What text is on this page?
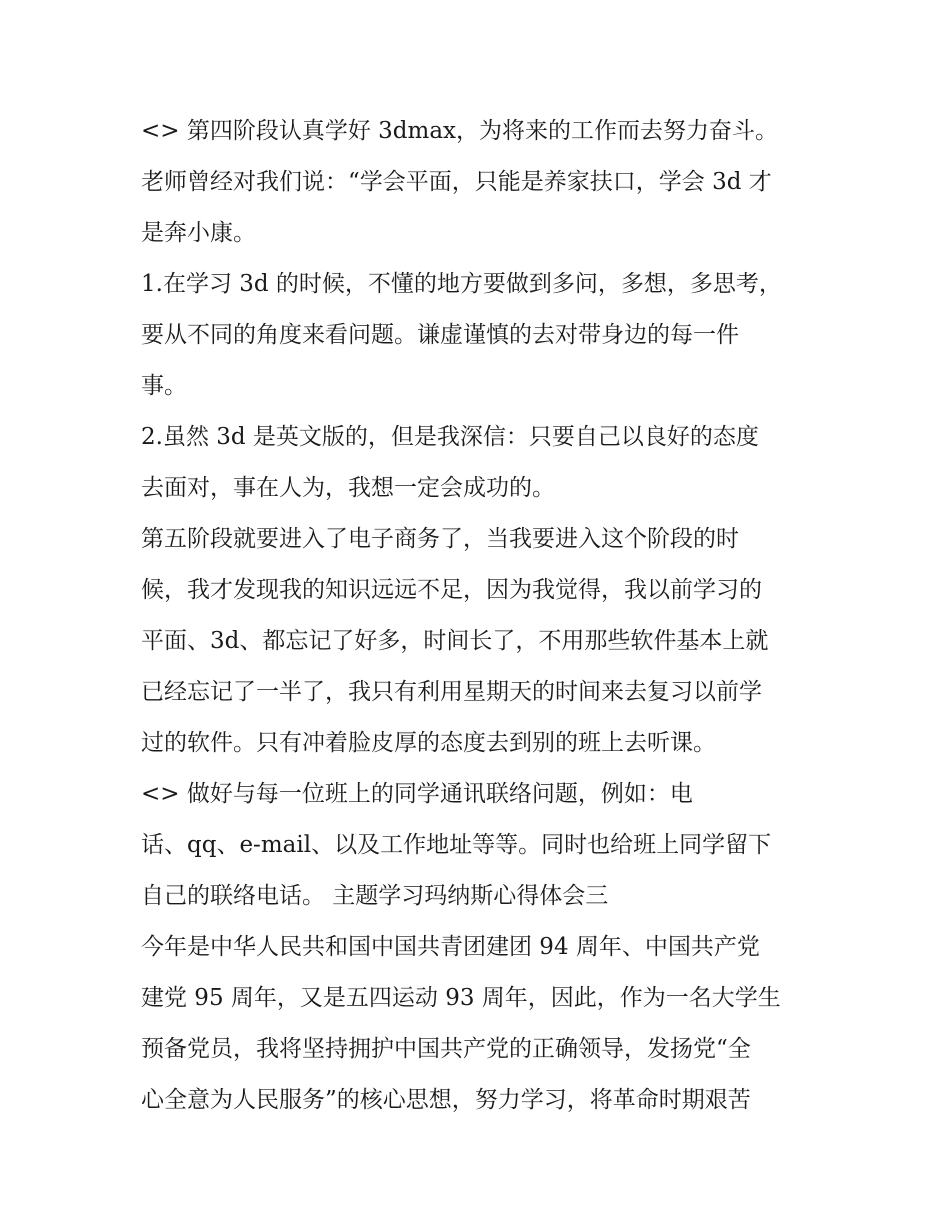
<> 第四阶段认真学好 3dmax，为将来的工作而去努力奋斗。
老师曾经对我们说：“学会平面，只能是养家扶口，学会 3d 才
是奔小康。
1.在学习 3d 的时候，不懂的地方要做到多问，多想，多思考，
要从不同的角度来看问题。谦虚谨慎的去对带身边的每一件
事。
2.虽然 3d 是英文版的，但是我深信：只要自己以良好的态度
去面对，事在人为，我想一定会成功的。
第五阶段就要进入了电子商务了，当我要进入这个阶段的时
候，我才发现我的知识远远不足，因为我觉得，我以前学习的
平面、3d、都忘记了好多，时间长了，不用那些软件基本上就
已经忘记了一半了，我只有利用星期天的时间来去复习以前学
过的软件。只有冲着脸皮厚的态度去到别的班上去听课。
<> 做好与每一位班上的同学通讯联络问题，例如：电
话、qq、e-mail、以及工作地址等等。同时也给班上同学留下
自己的联络电话。 主题学习玛纳斯心得体会三
今年是中华人民共和国中国共青团建团 94 周年、中国共产党
建党 95 周年，又是五四运动 93 周年，因此，作为一名大学生
预备党员，我将坚持拥护中国共产党的正确领导，发扬党“全
心全意为人民服务”的核心思想，努力学习，将革命时期艰苦
